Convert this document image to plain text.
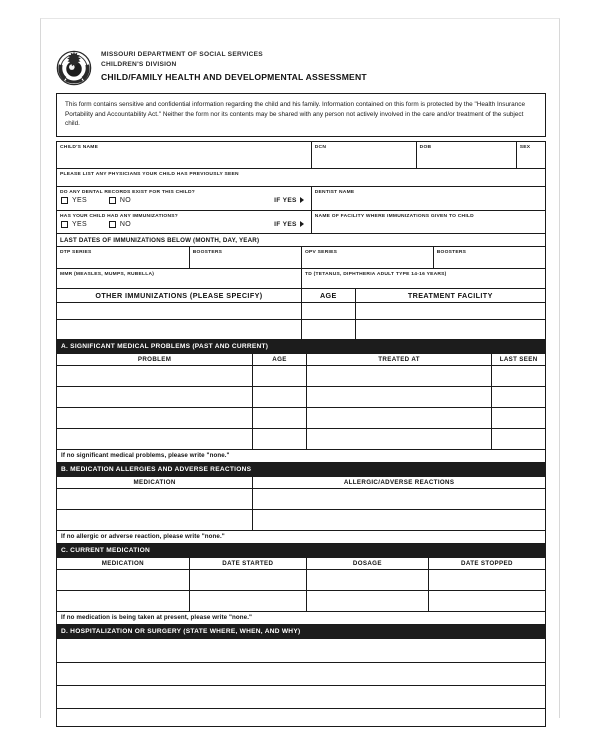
MISSOURI DEPARTMENT OF SOCIAL SERVICES
CHILDREN'S DIVISION
CHILD/FAMILY HEALTH AND DEVELOPMENTAL ASSESSMENT

This form contains sensitive and confidential information regarding the child and his family. Information contained on this form is protected by the "Health Insurance Portability and Accountability Act." Neither the form nor its contents may be shared with any person not actively involved in the care and/or treatment of the subject child.

CHILD'S NAME	DCN	DOB	SEX
PLEASE LIST ANY PHYSICIANS YOUR CHILD HAS PREVIOUSLY SEEN
DO ANY DENTAL RECORDS EXIST FOR THIS CHILD?
YES	NO	IF YES
DENTIST NAME
HAS YOUR CHILD HAD ANY IMMUNIZATIONS?
YES	NO	IF YES
NAME OF FACILITY WHERE IMMUNIZATIONS GIVEN TO CHILD
LAST DATES OF IMMUNIZATIONS BELOW (MONTH, DAY, YEAR)
DTP SERIES	BOOSTERS	OPV SERIES	BOOSTERS
MMR (MEASLES, MUMPS, RUBELLA)	TD (TETANUS, DIPHTHERIA ADULT TYPE 14-16 YEARS)
OTHER IMMUNIZATIONS (PLEASE SPECIFY)	AGE	TREATMENT FACILITY
A. SIGNIFICANT MEDICAL PROBLEMS (PAST AND CURRENT)
PROBLEM	AGE	TREATED AT	LAST SEEN
If no significant medical problems, please write "none."
B. MEDICATION ALLERGIES AND ADVERSE REACTIONS
MEDICATION	ALLERGIC/ADVERSE REACTIONS
If no allergic or adverse reaction, please write "none."
C. CURRENT MEDICATION
MEDICATION	DATE STARTED	DOSAGE	DATE STOPPED
If no medication is being taken at present, please write "none."
D. HOSPITALIZATION OR SURGERY (STATE WHERE, WHEN, AND WHY)
